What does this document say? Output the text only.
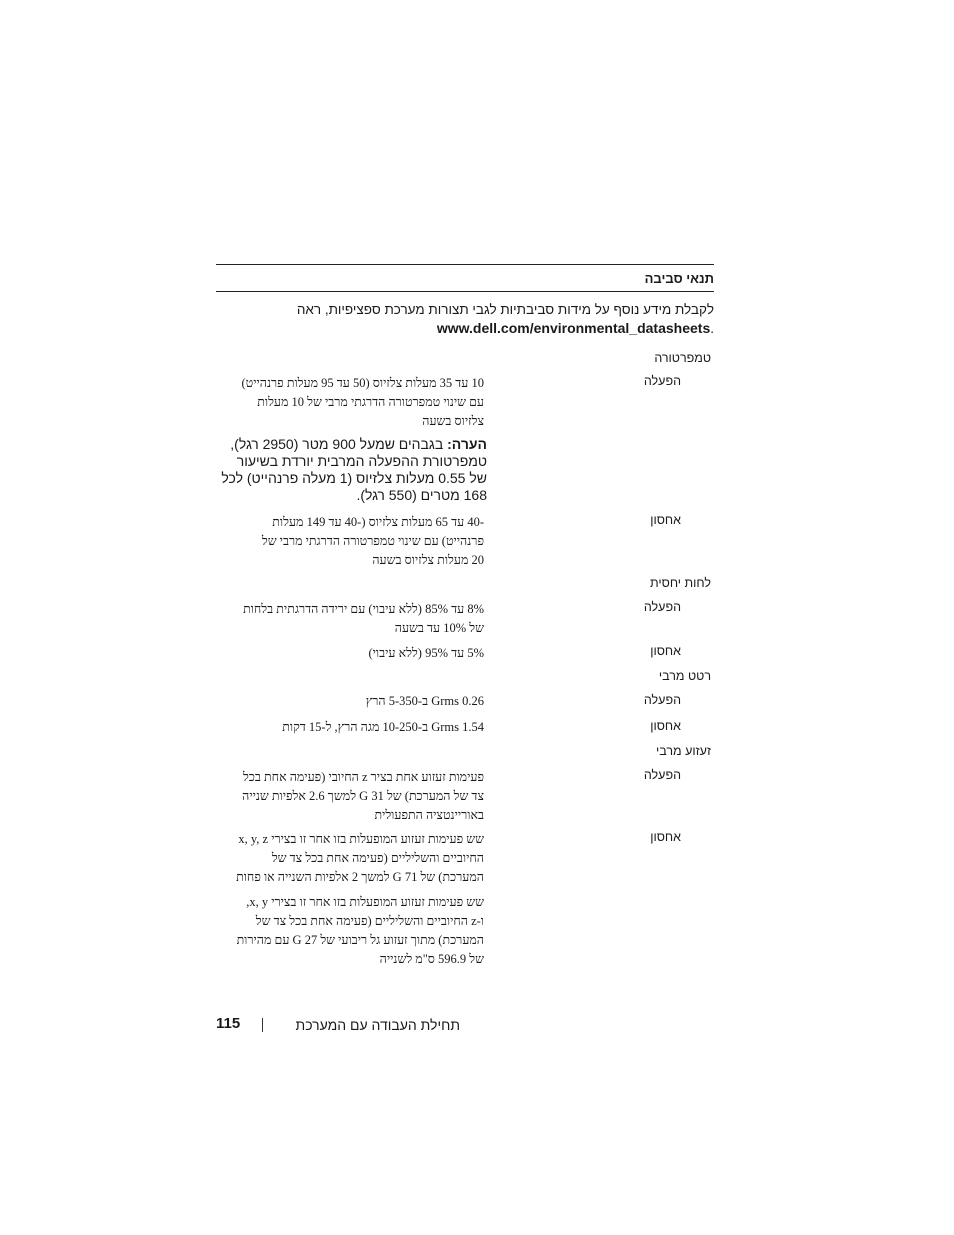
תנאי סביבה

לקבלת מידע נוסף על מידות סביבתיות לגבי תצורות מערכת ספציפיות, ראה
.www.dell.com/environmental_datasheets

טמפרטורה
הפעלה
10 עד 35 מעלות צלזיוס (50 עד 95 מעלות פרנהייט)
עם שינוי טמפרטורה הדרגתי מרבי של 10 מעלות
צלזיוס בשעה
הערה: בגבהים שמעל 900 מטר (2950 רגל), טמפרטורת ההפעלה המרבית יורדת בשיעור של 0.55 מעלות צלזיוס (1 מעלה פרנהייט) לכל 168 מטרים (550 רגל).
אחסון
-40 עד 65 מעלות צלזיוס (-40 עד 149 מעלות
פרנהייט) עם שינוי טמפרטורה הדרגתי מרבי של
20 מעלות צלזיוס בשעה
לחות יחסית
הפעלה
8% עד 85% (ללא עיבוי) עם ירידה הדרגתית בלחות
של 10% עד בשעה
אחסון
5% עד 95% (ללא עיבוי)
רטט מרבי
הפעלה
0.26 Grms ב-5-350 הרץ
אחסון
1.54 Grms ב-10-250 מגה הרץ, ל-15 דקות
זעזוע מרבי
הפעלה
פעימות זעזוע אחת בציר z החיובי (פעימה אחת בכל
צד של המערכת) של 31 G למשך 2.6 אלפיות שנייה
באוריינטציה התפעולית
אחסון
שש פעימות זעזוע המופעלות בזו אחר זו בצירי x, y, z
החיוביים והשליליים (פעימה אחת בכל צד של
המערכת) של 71 G למשך 2 אלפיות השנייה או פחות
שש פעימות זעזוע המופעלות בזו אחר זו בצירי x, y,
ו-z החיוביים והשליליים (פעימה אחת בכל צד של
המערכת) מתוך זעזוע גל ריבועי של 27 G עם מהירות
של 596.9 ס"מ לשנייה
115	תחילת העבודה עם המערכת
